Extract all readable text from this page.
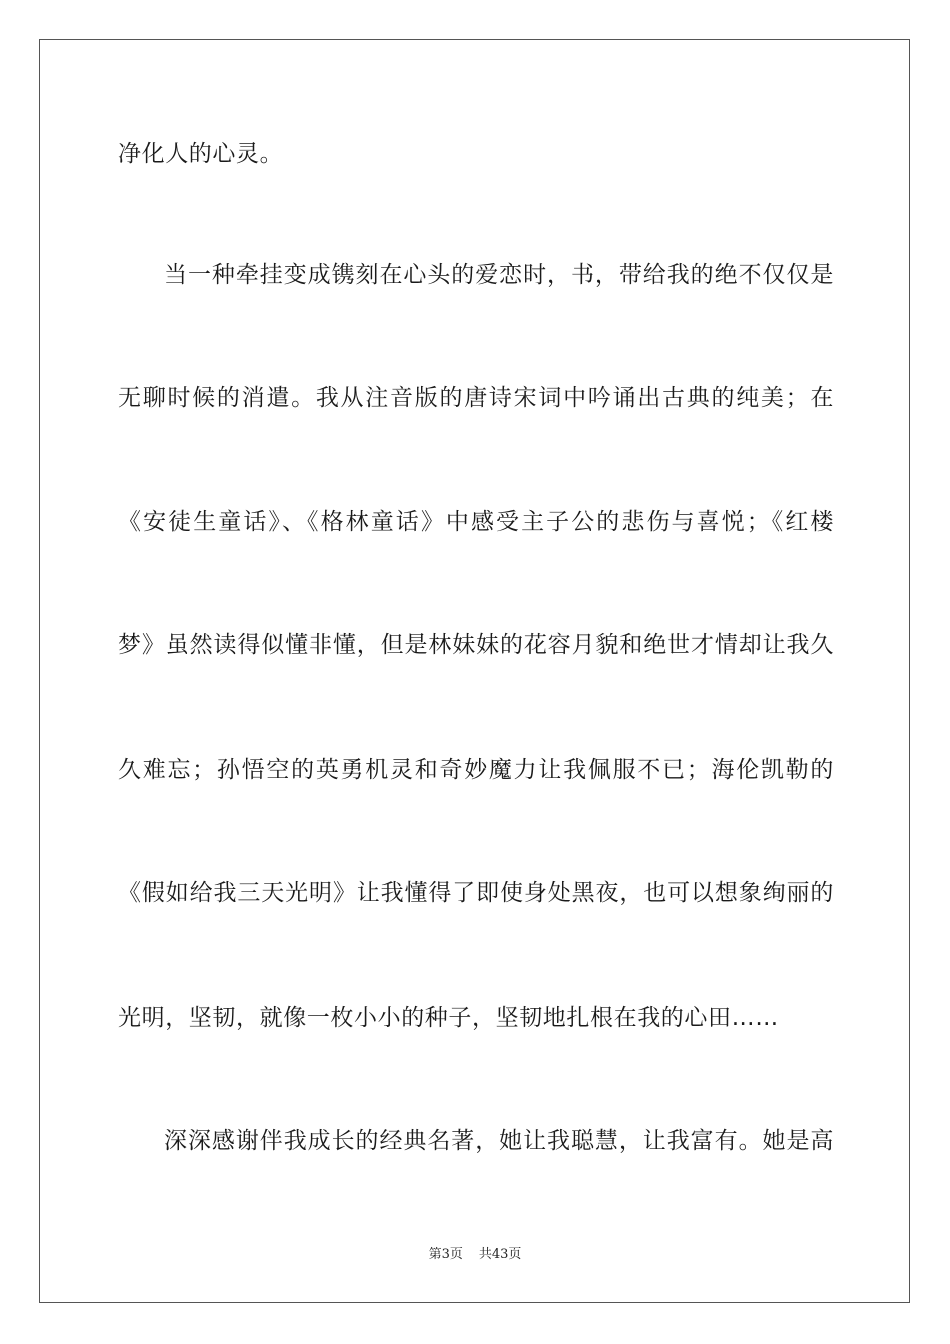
净化人的心灵。
当一种牵挂变成镌刻在心头的爱恋时，书，带给我的绝不仅仅是
无聊时候的消遣。我从注音版的唐诗宋词中吟诵出古典的纯美；在
《安徒生童话》、《格林童话》中感受主子公的悲伤与喜悦；《红楼
梦》虽然读得似懂非懂，但是林妹妹的花容月貌和绝世才情却让我久
久难忘；孙悟空的英勇机灵和奇妙魔力让我佩服不已；海伦凯勒的
《假如给我三天光明》让我懂得了即使身处黑夜，也可以想象绚丽的
光明，坚韧，就像一枚小小的种子，坚韧地扎根在我的心田……
深深感谢伴我成长的经典名著，她让我聪慧，让我富有。她是高
第3页 共43页
